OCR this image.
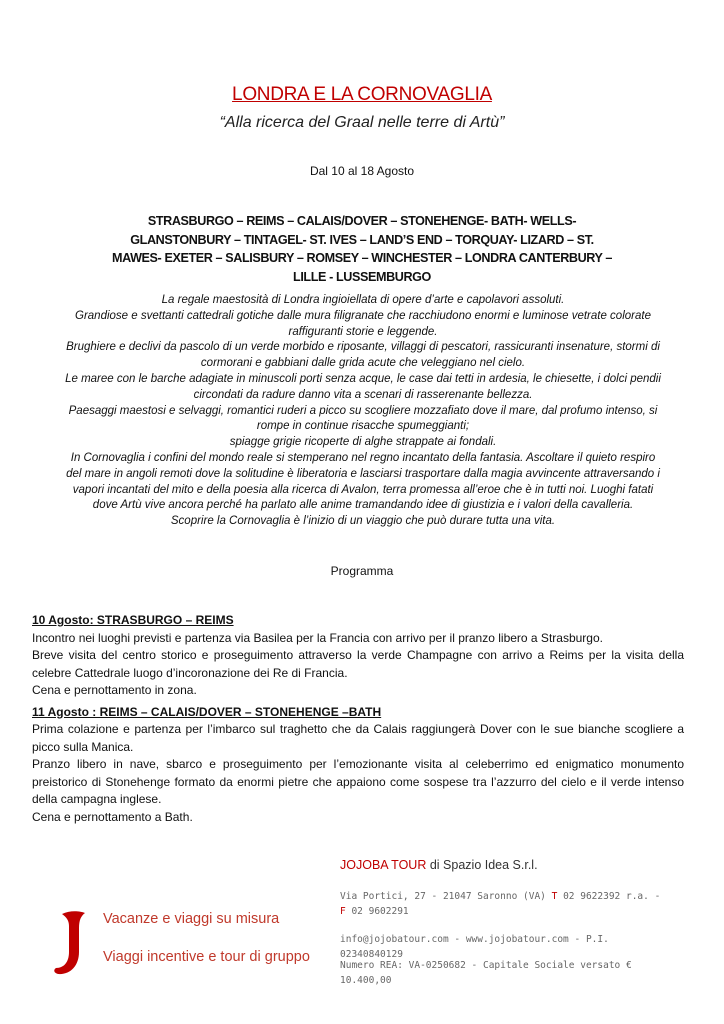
LONDRA E LA CORNOVAGLIA
“Alla ricerca del Graal nelle terre di Artù”
Dal 10 al 18 Agosto
STRASBURGO – REIMS – CALAIS/DOVER – STONEHENGE- BATH- WELLS-
GLANSTONBURY – TINTAGEL- ST. IVES – LAND’S END – TORQUAY- LIZARD – ST.
MAWES- EXETER – SALISBURY – ROMSEY – WINCHESTER – LONDRA CANTERBURY –
LILLE - LUSSEMBURGO

La regale maestosità di Londra ingioiellata di opere d’arte e capolavori assoluti.

Grandiose e svettanti cattedrali gotiche dalle mura filigranate che racchiudono enormi e luminose vetrate colorate raffiguranti storie e leggende.

Brughiere e declivi da pascolo di un verde morbido e riposante, villaggi di pescatori, rassicuranti insenature, stormi di cormorani e gabbiani dalle grida acute che veleggiano nel cielo.

Le maree con le barche adagiate in minuscoli porti senza acque, le case dai tetti in ardesia, le chiesette, i dolci pendii circondati da radure danno vita a scenari di rasserenante bellezza.

Paesaggi maestosi e selvaggi, romantici ruderi a picco su scogliere mozzafiato dove il mare, dal profumo intenso, si rompe in continue risacche spumeggianti;

spiagge grigie ricoperte di alghe strappate ai fondali.

In Cornovaglia i confini del mondo reale si stemperano nel regno incantato della fantasia. Ascoltare il quieto respiro del mare in angoli remoti dove la solitudine è liberatoria e lasciarsi trasportare dalla magia avvincente attraversando i vapori incantati del mito e della poesia alla ricerca di Avalon, terra promessa all’eroe che è in tutti noi. Luoghi fatati dove Artù vive ancora perché ha parlato alle anime tramandando idee di giustizia e i valori della cavalleria.

Scoprire la Cornovaglia è l’inizio di un viaggio che può durare tutta una vita.

Programma

10 Agosto: STRASBURGO – REIMS

Incontro nei luoghi previsti e partenza via Basilea per la Francia con arrivo per il pranzo libero a Strasburgo.

Breve visita del centro storico e proseguimento attraverso la verde Champagne con arrivo a Reims per la visita della celebre Cattedrale luogo d’incoronazione dei Re di Francia.

Cena e pernottamento in zona.

11 Agosto : REIMS – CALAIS/DOVER – STONEHENGE –BATH

Prima colazione e partenza per l’imbarco sul traghetto che da Calais raggiungerà Dover con le sue bianche scogliere a picco sulla Manica.

Pranzo libero in nave, sbarco e proseguimento per l’emozionante visita al celeberrimo ed enigmatico monumento preistorico di Stonehenge formato da enormi pietre che appaiono come sospese tra l’azzurro del cielo e il verde intenso della campagna inglese.

Cena e pernottamento a Bath.

JOJOBA TOUR di Spazio Idea S.r.l.
Via Portici, 27 - 21047 Saronno (VA) T 02 9622392 r.a. - F 02 9602291
info@jojobatour.com - www.jojobatour.com - P.I. 02340840129
Numero REA: VA-0250682 - Capitale Sociale versato € 10.400,00
Vacanze e viaggi su misura
Viaggi incentive e tour di gruppo
